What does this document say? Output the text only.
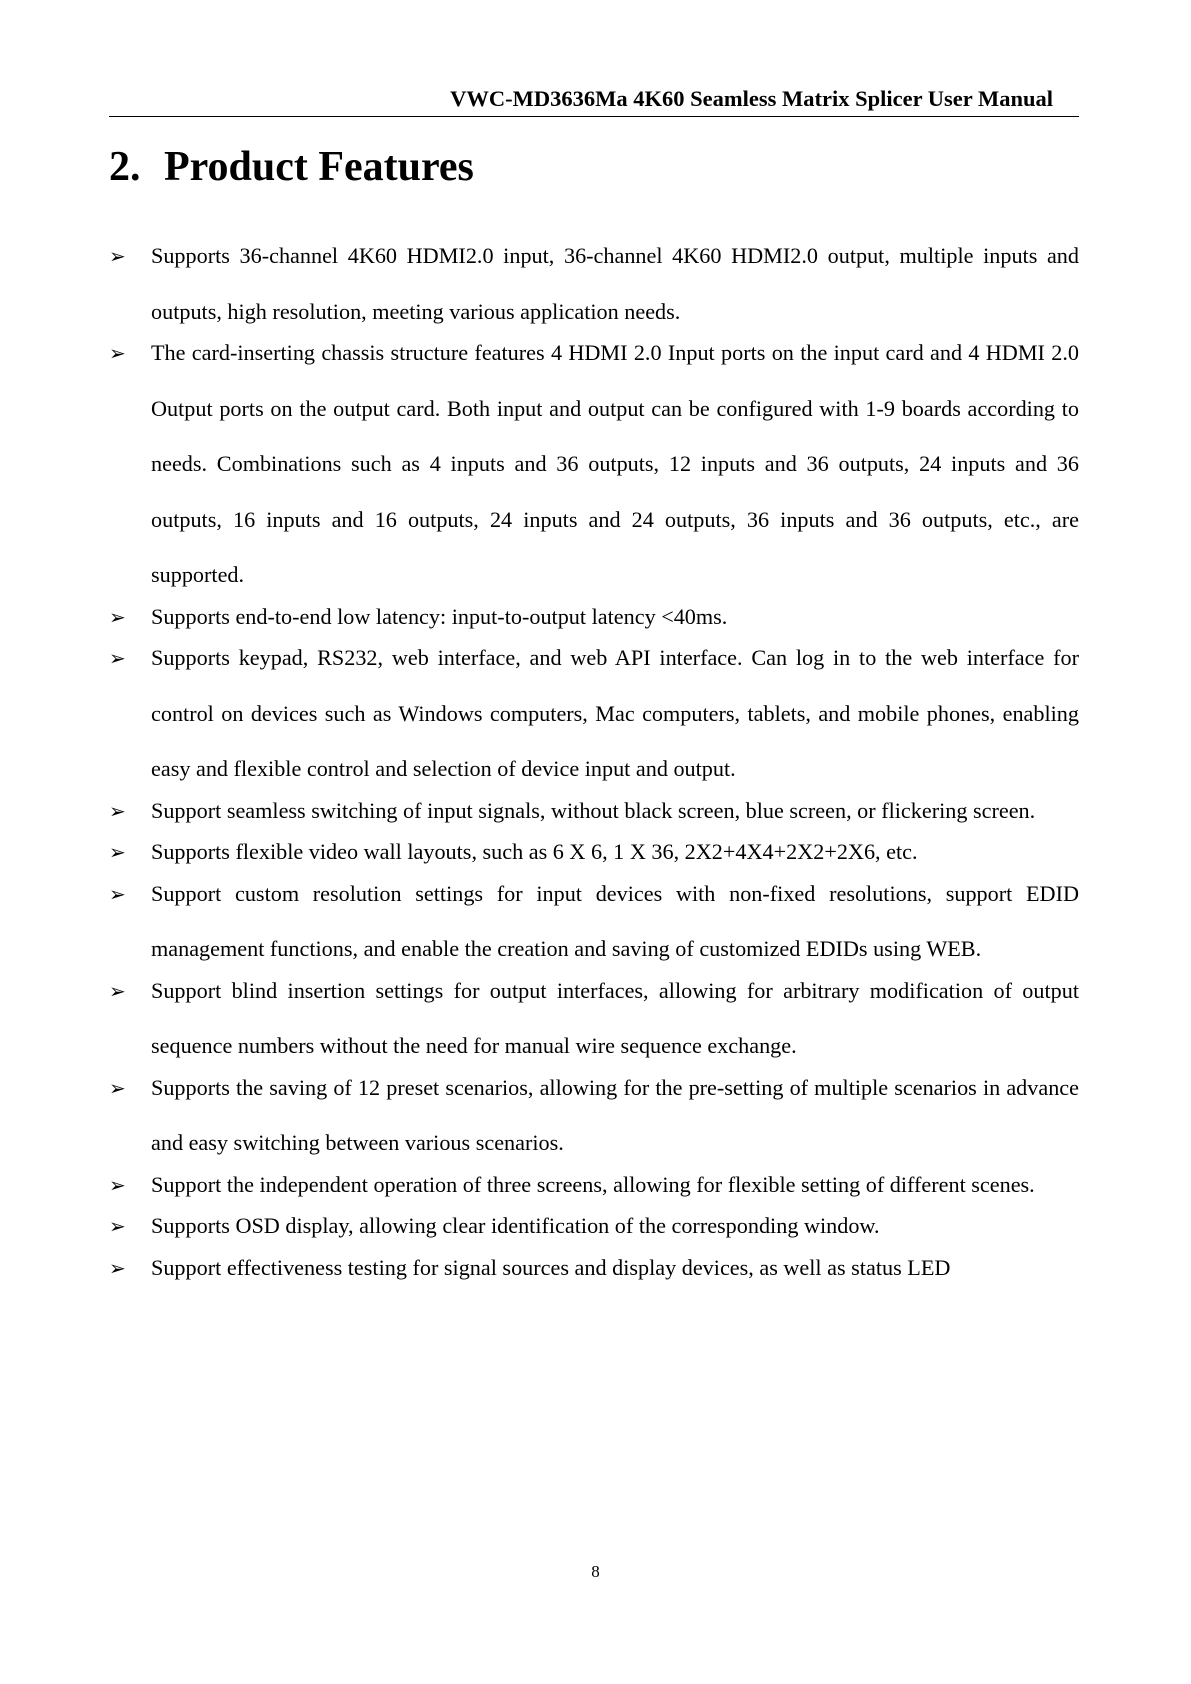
VWC-MD3636Ma 4K60 Seamless Matrix Splicer User Manual
2. Product Features
➢ Supports 36-channel 4K60 HDMI2.0 input, 36-channel 4K60 HDMI2.0 output, multiple inputs and outputs, high resolution, meeting various application needs.
➢ The card-inserting chassis structure features 4 HDMI 2.0 Input ports on the input card and 4 HDMI 2.0 Output ports on the output card. Both input and output can be configured with 1-9 boards according to needs. Combinations such as 4 inputs and 36 outputs, 12 inputs and 36 outputs, 24 inputs and 36 outputs, 16 inputs and 16 outputs, 24 inputs and 24 outputs, 36 inputs and 36 outputs, etc., are supported.
➢ Supports end-to-end low latency: input-to-output latency <40ms.
➢ Supports keypad, RS232, web interface, and web API interface. Can log in to the web interface for control on devices such as Windows computers, Mac computers, tablets, and mobile phones, enabling easy and flexible control and selection of device input and output.
➢ Support seamless switching of input signals, without black screen, blue screen, or flickering screen.
➢ Supports flexible video wall layouts, such as 6 X 6, 1 X 36, 2X2+4X4+2X2+2X6, etc.
➢ Support custom resolution settings for input devices with non-fixed resolutions, support EDID management functions, and enable the creation and saving of customized EDIDs using WEB.
➢ Support blind insertion settings for output interfaces, allowing for arbitrary modification of output sequence numbers without the need for manual wire sequence exchange.
➢ Supports the saving of 12 preset scenarios, allowing for the pre-setting of multiple scenarios in advance and easy switching between various scenarios.
➢ Support the independent operation of three screens, allowing for flexible setting of different scenes.
➢ Supports OSD display, allowing clear identification of the corresponding window.
➢ Support effectiveness testing for signal sources and display devices, as well as status LED
8
